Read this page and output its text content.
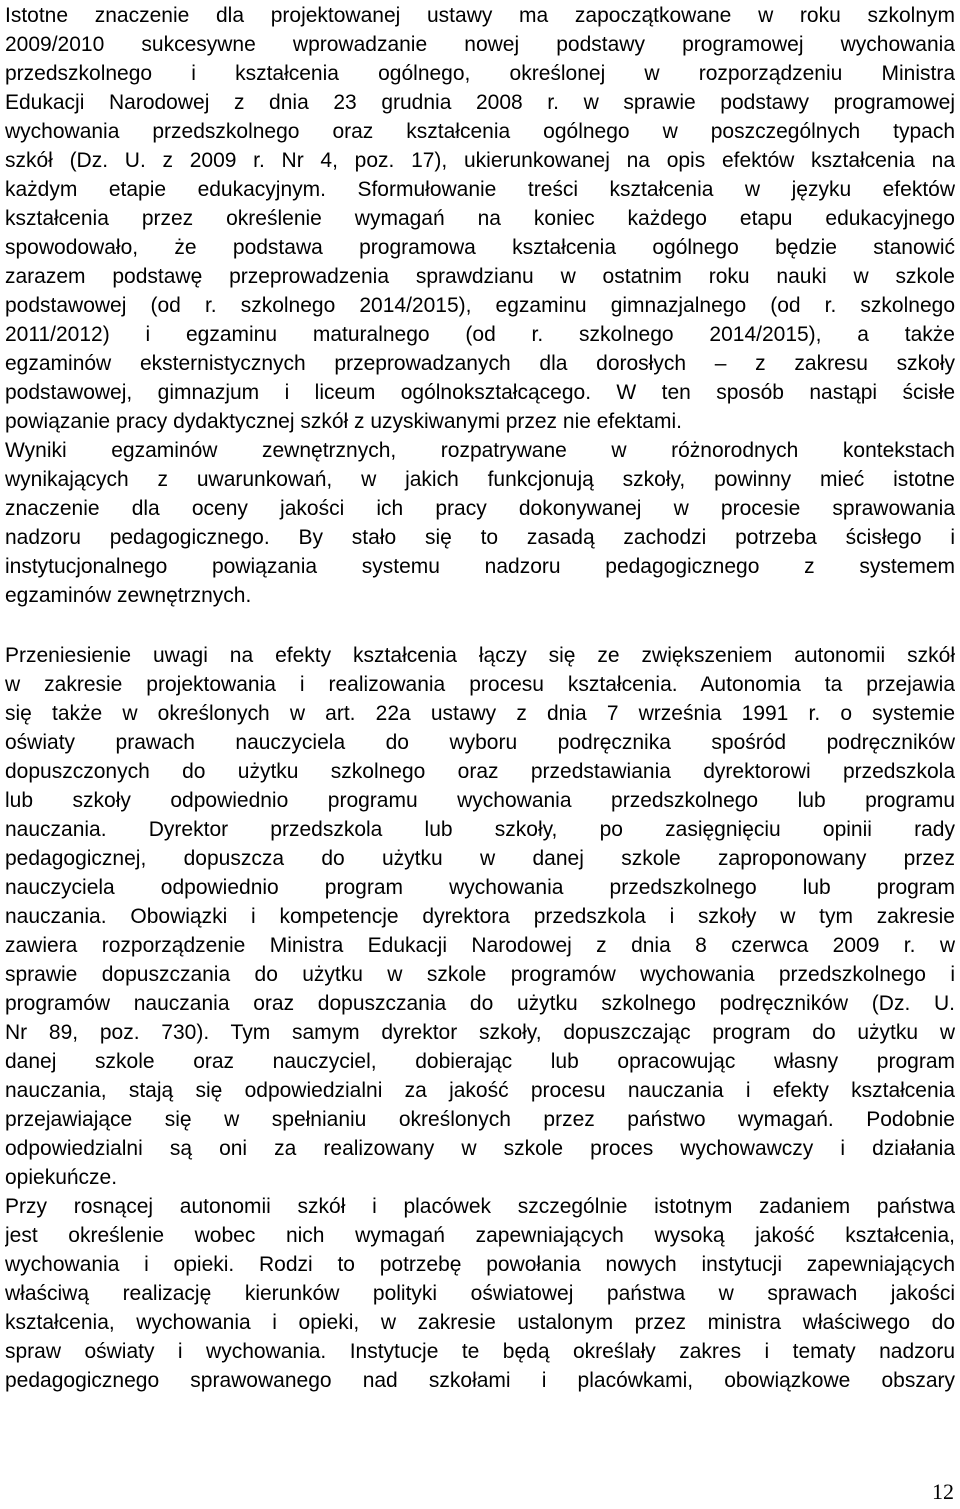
Istotne znaczenie dla projektowanej ustawy ma zapoczątkowane w roku szkolnym
2009/2010 sukcesywne wprowadzanie nowej podstawy programowej wychowania
przedszkolnego i kształcenia ogólnego, określonej w rozporządzeniu Ministra
Edukacji Narodowej z dnia 23 grudnia 2008 r. w sprawie podstawy programowej
wychowania przedszkolnego oraz kształcenia ogólnego w poszczególnych typach
szkół (Dz. U. z 2009 r. Nr 4, poz. 17), ukierunkowanej na opis efektów kształcenia na
każdym etapie edukacyjnym. Sformułowanie treści kształcenia w języku efektów
kształcenia przez określenie wymagań na koniec każdego etapu edukacyjnego
spowodowało, że podstawa programowa kształcenia ogólnego będzie stanowić
zarazem podstawę przeprowadzenia sprawdzianu w ostatnim roku nauki w szkole
podstawowej (od r. szkolnego 2014/2015), egzaminu gimnazjalnego (od r. szkolnego
2011/2012) i egzaminu maturalnego (od r. szkolnego 2014/2015), a także
egzaminów eksternistycznych przeprowadzanych dla dorosłych – z zakresu szkoły
podstawowej, gimnazjum i liceum ogólnokształcącego. W ten sposób nastąpi ścisłe
powiązanie pracy dydaktycznej szkół z uzyskiwanymi przez nie efektami.
Wyniki egzaminów zewnętrznych, rozpatrywane w różnorodnych kontekstach
wynikających z uwarunkowań, w jakich funkcjonują szkoły, powinny mieć istotne
znaczenie dla oceny jakości ich pracy dokonywanej w procesie sprawowania
nadzoru pedagogicznego. By stało się to zasadą zachodzi potrzeba ścisłego i
instytucjonalnego powiązania systemu nadzoru pedagogicznego z systemem
egzaminów zewnętrznych.
Przeniesienie uwagi na efekty kształcenia łączy się ze zwiększeniem autonomii szkół
w zakresie projektowania i realizowania procesu kształcenia. Autonomia ta przejawia
się także w określonych w art. 22a ustawy z dnia 7 września 1991 r. o systemie
oświaty prawach nauczyciela do wyboru podręcznika spośród podręczników
dopuszczonych do użytku szkolnego oraz przedstawiania dyrektorowi przedszkola
lub szkoły odpowiednio programu wychowania przedszkolnego lub programu
nauczania. Dyrektor przedszkola lub szkoły, po zasięgnięciu opinii rady
pedagogicznej, dopuszcza do użytku w danej szkole zaproponowany przez
nauczyciela odpowiednio program wychowania przedszkolnego lub program
nauczania. Obowiązki i kompetencje dyrektora przedszkola i szkoły w tym zakresie
zawiera rozporządzenie Ministra Edukacji Narodowej z dnia 8 czerwca 2009 r. w
sprawie dopuszczania do użytku w szkole programów wychowania przedszkolnego i
programów nauczania oraz dopuszczania do użytku szkolnego podręczników (Dz. U.
Nr 89, poz. 730). Tym samym dyrektor szkoły, dopuszczając program do użytku w
danej szkole oraz nauczyciel, dobierając lub opracowując własny program
nauczania, stają się odpowiedzialni za jakość procesu nauczania i efekty kształcenia
przejawiające się w spełnianiu określonych przez państwo wymagań. Podobnie
odpowiedzialni są oni za realizowany w szkole proces wychowawczy i działania
opiekuńcze.
Przy rosnącej autonomii szkół i placówek szczególnie istotnym zadaniem państwa
jest określenie wobec nich wymagań zapewniających wysoką jakość kształcenia,
wychowania i opieki. Rodzi to potrzebę powołania nowych instytucji zapewniających
właściwą realizację kierunków polityki oświatowej państwa w sprawach jakości
kształcenia, wychowania i opieki, w zakresie ustalonym przez ministra właściwego do
spraw oświaty i wychowania. Instytucje te będą określały zakres i tematy nadzoru
pedagogicznego sprawowanego nad szkołami i placówkami, obowiązkowe obszary
12
